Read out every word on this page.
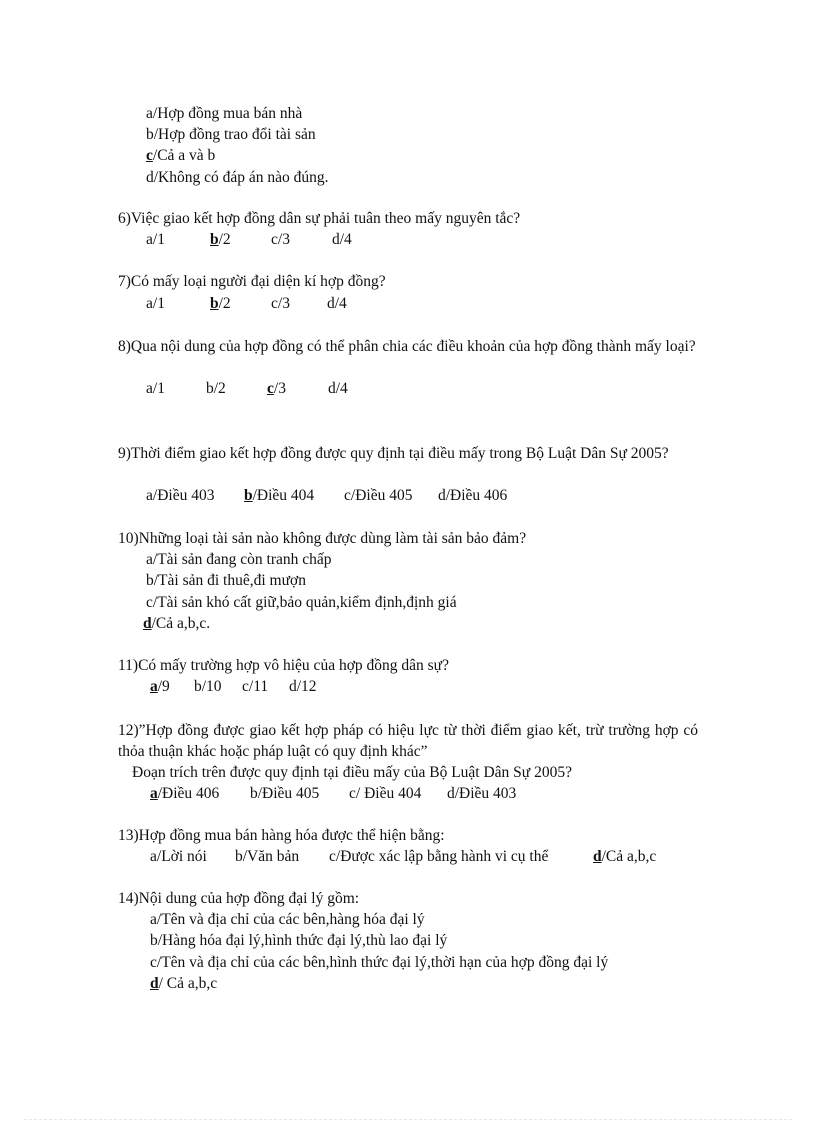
a/Hợp đồng mua bán nhà
b/Hợp đồng trao đổi tài sản
c/Cả a và b
d/Không có đáp án nào đúng.
6)Việc giao kết hợp đồng dân sự phải tuân theo mấy nguyên tắc?
a/1	b/2	c/3	d/4
7)Có mấy loại người đại diện kí hợp đồng?
a/1	b/2	c/3 d/4
8)Qua nội dung của hợp đồng có thể phân chia các điều khoản của hợp đồng thành mấy loại?
a/1	b/2	c/3	d/4
9)Thời điểm giao kết hợp đồng được quy định tại điều mấy trong Bộ Luật Dân Sự 2005?
a/Điều 403 b/Điều 404 c/Điều 405 d/Điều 406
10)Những loại tài sản nào không được dùng làm tài sản bảo đảm?
a/Tài sản đang còn tranh chấp
b/Tài sản đi thuê,đi mượn
c/Tài sản khó cất giữ,bảo quản,kiểm định,định giá
d/Cả a,b,c.
11)Có mấy trường hợp vô hiệu của hợp đồng dân sự?
a/9 b/10 c/11 d/12
12)”Hợp đồng được giao kết hợp pháp có hiệu lực từ thời điểm giao kết, trừ trường hợp có thỏa thuận khác hoặc pháp luật có quy định khác”
Đoạn trích trên được quy định tại điều mấy của Bộ Luật Dân Sự 2005?
a/Điều 406 b/Điều 405 c/ Điều 404 d/Điều 403
13)Hợp đồng mua bán hàng hóa được thể hiện bằng:
a/Lời nói b/Văn bản c/Được xác lập bằng hành vi cụ thể	d/Cả a,b,c
14)Nội dung của hợp đồng đại lý gồm:
a/Tên và địa chỉ của các bên,hàng hóa đại lý
b/Hàng hóa đại lý,hình thức đại lý,thù lao đại lý
c/Tên và địa chỉ của các bên,hình thức đại lý,thời hạn của hợp đồng đại lý
d/ Cả a,b,c
